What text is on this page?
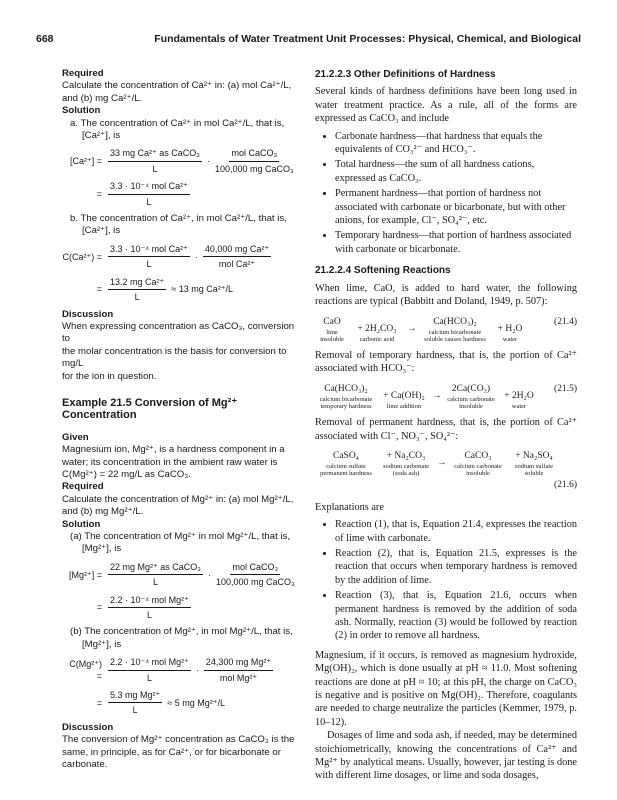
668	Fundamentals of Water Treatment Unit Processes: Physical, Chemical, and Biological

Required

Calculate the concentration of Ca²⁺ in: (a) mol Ca²⁺/L,

and (b) mg Ca²⁺/L.

Solution

a. The concentration of Ca²⁺ in mol Ca²⁺/L, that is,

[Ca²⁺], is

$[Ca^{2+}] = \frac{\text{33 mg Ca²⁺ as CaCO₃}}{L} \cdot \frac{\text{mol CaCO₃}}{\text{100,000 mg CaCO₃}}$
= $\frac{\text{3.3 · 10⁻⁴ mol Ca²⁺}}{L}$

b. The concentration of Ca²⁺, in mol Ca²⁺/L, that is,

[Ca²⁺], is

$C(Ca^{2+}) = \frac{\text{3.3 · 10⁻⁴ mol Ca²⁺}}{L} \cdot \frac{\text{40,000 mg Ca²⁺}}{\text{mol Ca²⁺}}$
= $\frac{\text{13.2 mg Ca²⁺}}{L} \approx 13$ mg Ca²⁺/L

Discussion

When expressing concentration as CaCO₃, conversion to

the molar concentration is the basis for conversion to mg/L

for the ion in question.

Example 21.5 Conversion of Mg²⁺ Concentration

Given

Magnesium ion, Mg²⁺, is a hardness component in a

water; its concentration in the ambient raw water is

C(Mg²⁺) = 22 mg/L as CaCO₃.

Required

Calculate the concentration of Mg²⁺ in: (a) mol Mg²⁺/L,

and (b) mg Mg²⁺/L.

Solution

(a) The concentration of Mg²⁺ in mol Mg²⁺/L, that is,

[Mg²⁺], is

$[Mg^{2+}] = \frac{\text{22 mg Mg²⁺ as CaCO₃}}{L} \cdot \frac{\text{mol CaCO₃}}{\text{100,000 mg CaCO₃}}$
= $\frac{\text{2.2 · 10⁻⁴ mol Mg²⁺}}{L}$

(b) The concentration of Mg²⁺, in mol Mg²⁺/L, that is,

[Mg²⁺], is

$C(Mg^{2+}) = \frac{\text{2.2 · 10⁻⁴ mol Mg²⁺}}{L} \cdot \frac{\text{24,300 mg Mg²⁺}}{\text{mol Mg²⁺}}$
= $\frac{\text{5.3 mg Mg²⁺}}{L} \approx 5$ mg Mg²⁺/L

Discussion

The conversion of Mg²⁺ concentration as CaCO₃ is the

same, in principle, as for Ca²⁺, or for bicarbonate or

carbonate.

21.2.2.3 Other Definitions of Hardness

Several kinds of hardness definitions have been long used in water treatment practice. As a rule, all of the forms are expressed as CaCO₃ and include

• Carbonate hardness—that hardness that equals the equivalents of CO₃²⁻ and HCO₃⁻.
• Total hardness—the sum of all hardness cations, expressed as CaCO₃.
• Permanent hardness—that portion of hardness not associated with carbonate or bicarbonate, but with other anions, for example, Cl⁻, SO₄²⁻, etc.
• Temporary hardness—that portion of hardness associated with carbonate or bicarbonate.

21.2.2.4 Softening Reactions

When lime, CaO, is added to hard water, the following reactions are typical (Babbitt and Doland, 1949, p. 507):

CaO
lime insoluble
+ 2H₂CO₃
carbonic acid
→

Ca(HCO₃)₂
calcium bicarbonate soluble causes hardness
+ H₂O
water
(21.4)

Removal of temporary hardness, that is, the portion of Ca²⁺ associated with HCO₃⁻:

Ca(HCO₃)₂
calcium bicarbonate temporary hardness
+ Ca(OH)₂
lime addition
→

2Ca(CO₃)
calcium carbonate insoluble
+ 2H₂O
water
(21.5)

Removal of permanent hardness, that is, the portion of Ca²⁺ associated with Cl⁻, NO₃⁻, SO₄²⁻:

CaSO₄
calcium sulfate permanent hardness
+ Na₂CO₃
sodium carbonate (soda ash)
→

CaCO₃
calcium carbonate insoluble
+ Na₂SO₄
sodium sulfate soluble
(21.6)

Explanations are

• Reaction (1), that is, Equation 21.4, expresses the reaction of lime with carbonate.
• Reaction (2), that is, Equation 21.5, expresses is the reaction that occurs when temporary hardness is removed by the addition of lime.
• Reaction (3), that is, Equation 21.6, occurs when permanent hardness is removed by the addition of soda ash. Normally, reaction (3) would be followed by reaction (2) in order to remove all hardness.

Magnesium, if it occurs, is removed as magnesium hydroxide, Mg(OH)₂, which is done usually at pH ≈ 11.0. Most softening reactions are done at pH ≈ 10; at this pH, the charge on CaCO₃ is negative and is positive on Mg(OH)₂. Therefore, coagulants are needed to charge neutralize the particles (Kemmer, 1979, p. 10–12).

Dosages of lime and soda ash, if needed, may be determined stoichiometrically, knowing the concentrations of Ca²⁺ and Mg²⁺ by analytical means. Usually, however, jar testing is done with different lime dosages, or lime and soda dosages,
